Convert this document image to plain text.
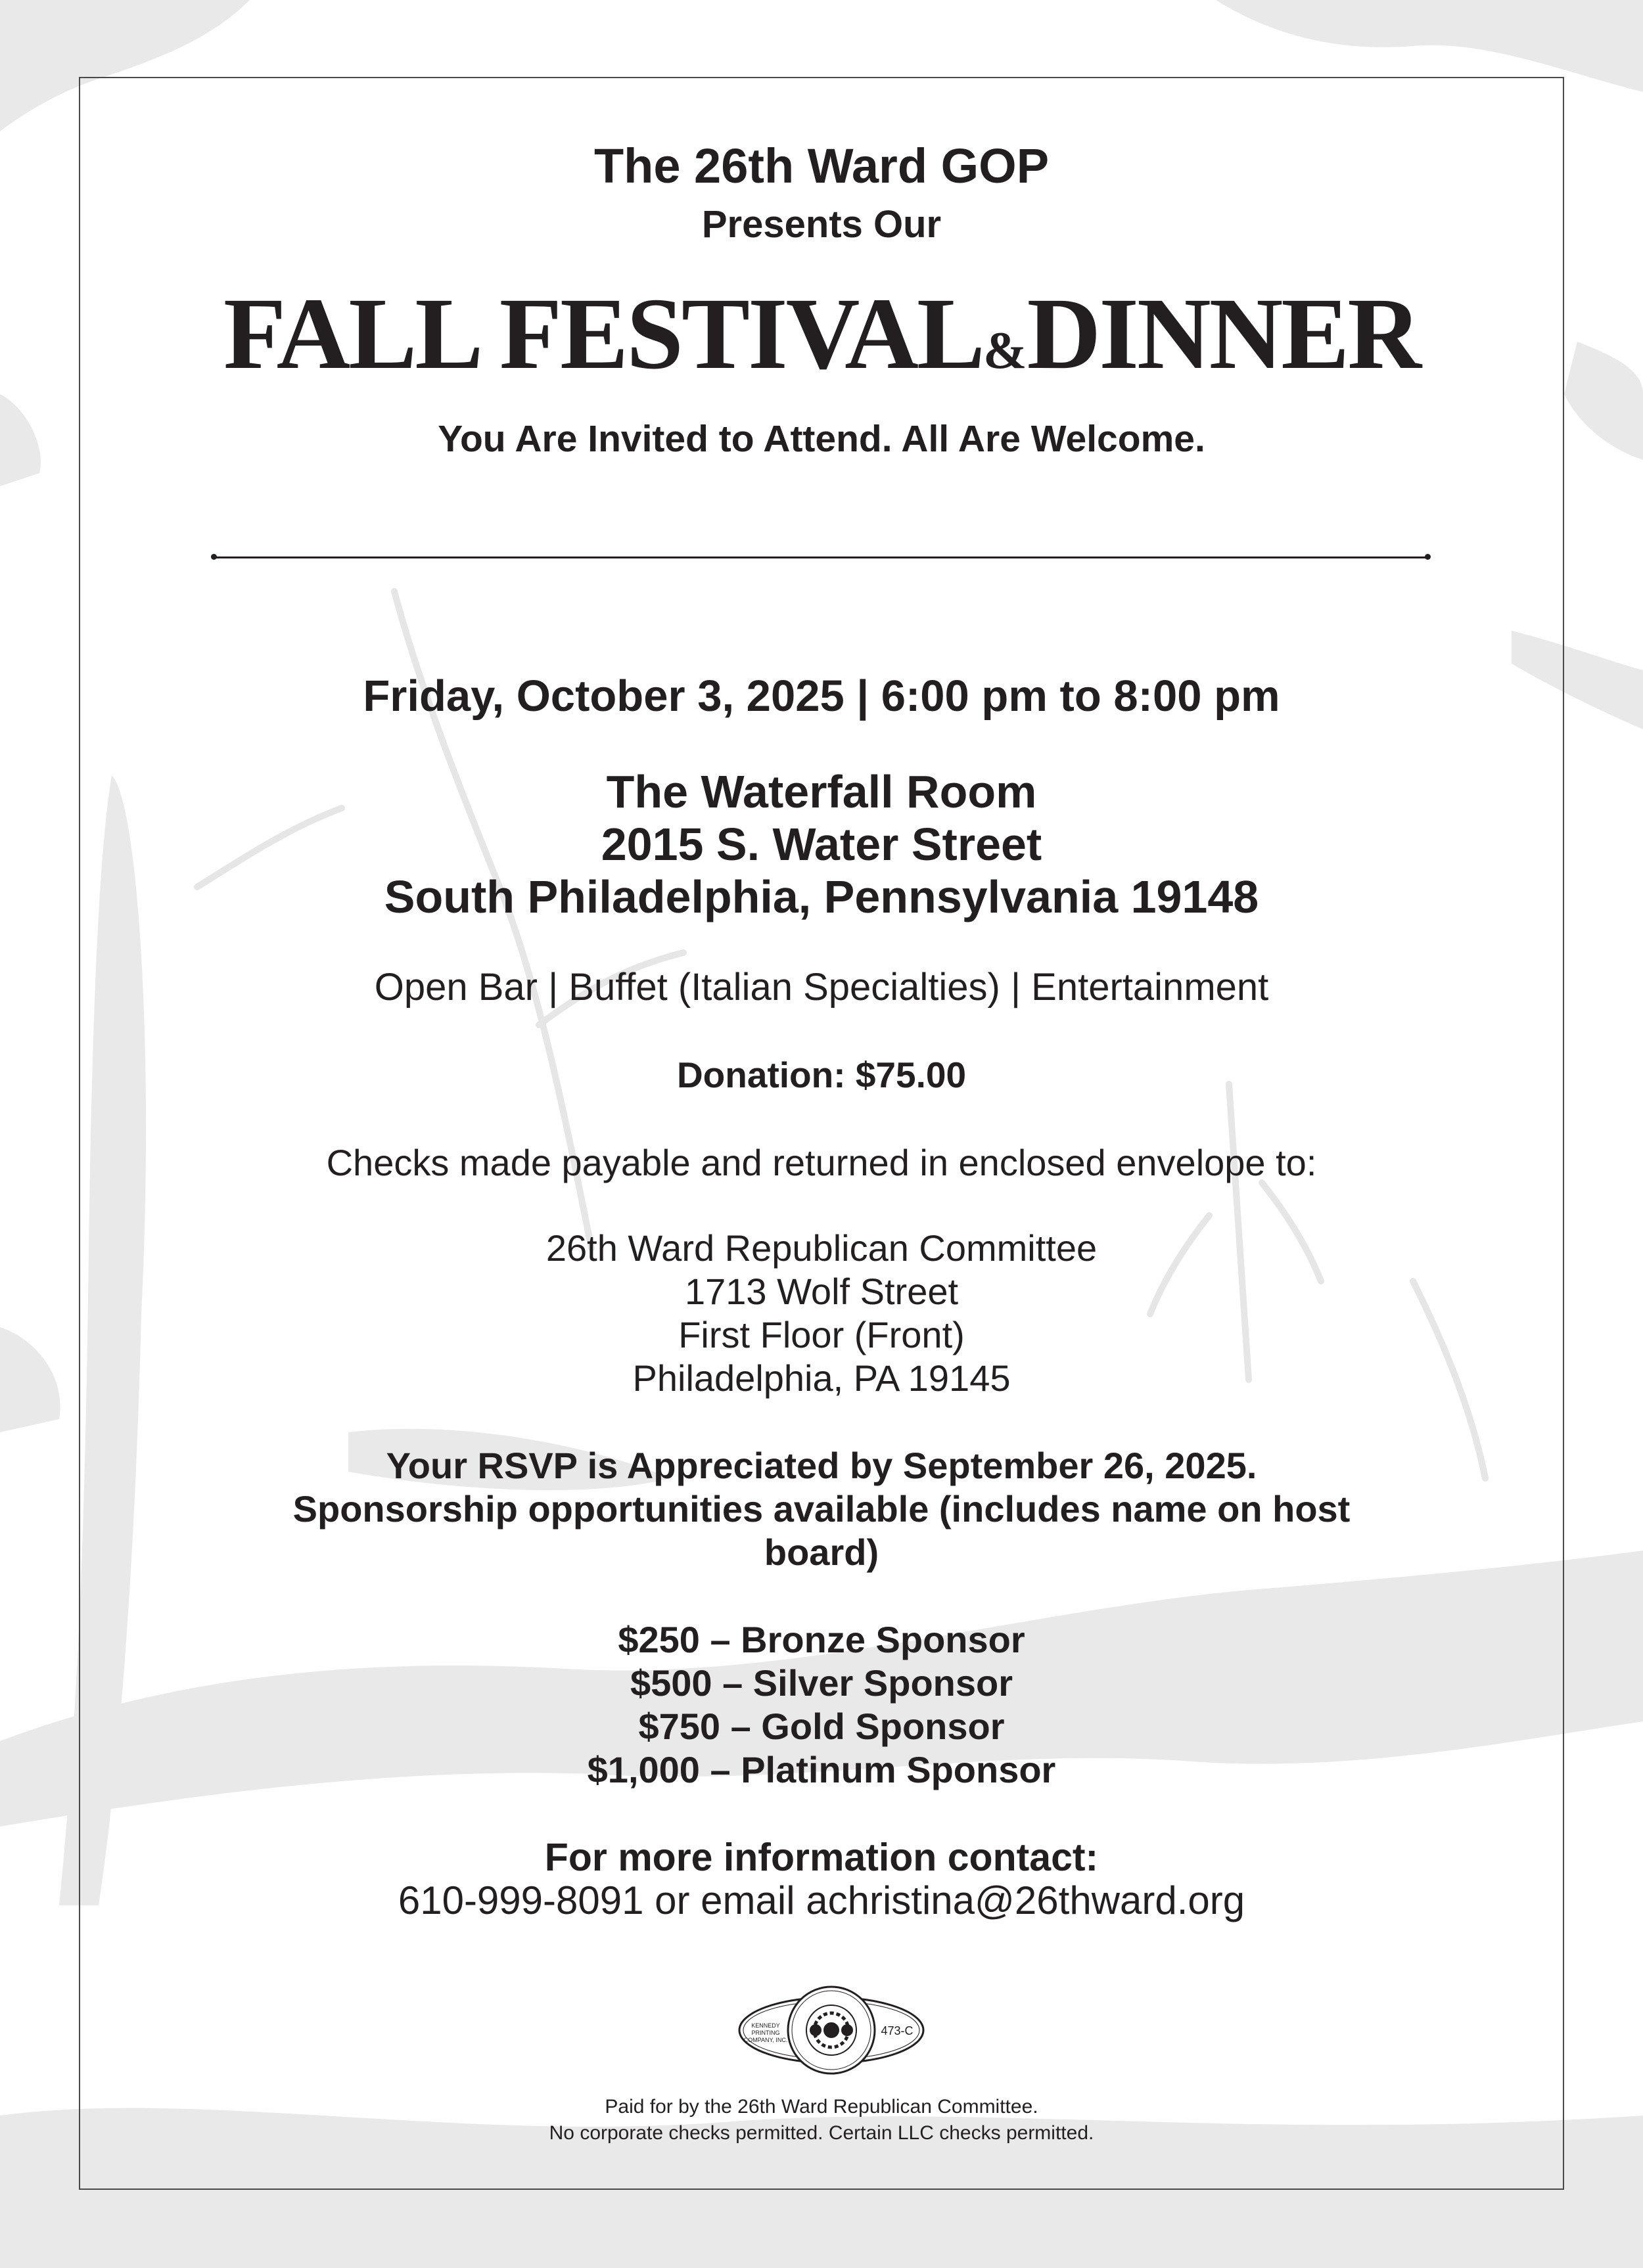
The 26th Ward GOP
Presents Our
FALL FESTIVAL&DINNER
You Are Invited to Attend. All Are Welcome.
Friday, October 3, 2025 | 6:00 pm to 8:00 pm
The Waterfall Room
2015 S. Water Street
South Philadelphia, Pennsylvania 19148
Open Bar | Buffet (Italian Specialties) | Entertainment
Donation: $75.00
Checks made payable and returned in enclosed envelope to:
26th Ward Republican Committee
1713 Wolf Street
First Floor (Front)
Philadelphia, PA 19145
Your RSVP is Appreciated by September 26, 2025.
Sponsorship opportunities available (includes name on host
board)
$250 – Bronze Sponsor
$500 – Silver Sponsor
$750 – Gold Sponsor
$1,000 – Platinum Sponsor
For more information contact:
610-999-8091 or email achristina@26thward.org
KENNEDY
PRINTING
COMPANY, INC.
473-C
Paid for by the 26th Ward Republican Committee.
No corporate checks permitted. Certain LLC checks permitted.
